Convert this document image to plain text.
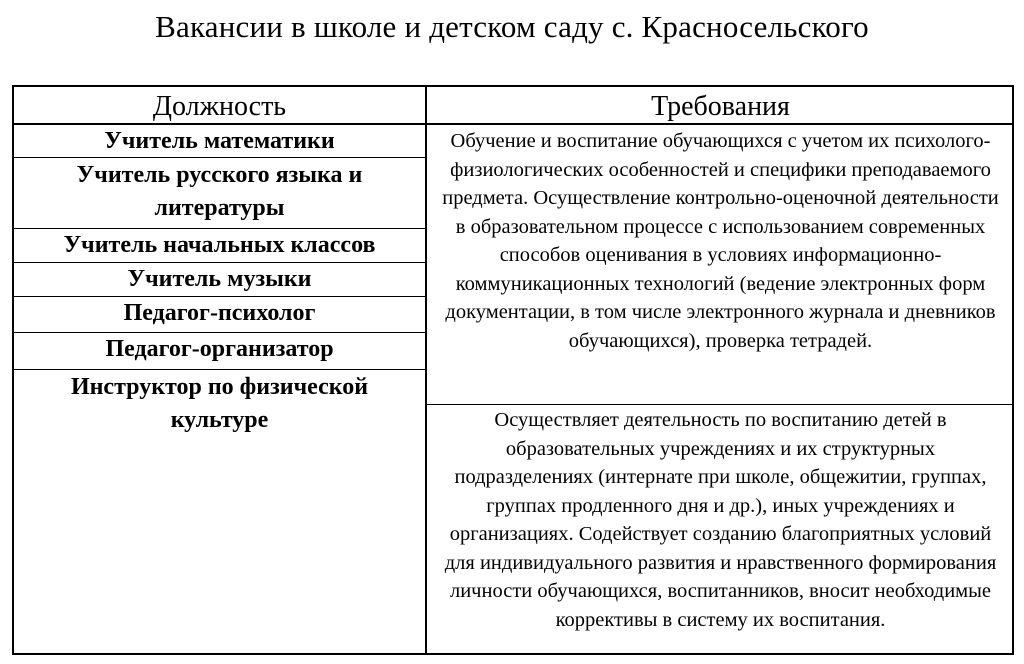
Вакансии в школе и детском саду с. Красносельского
Должность	Требования
Учитель математики
Учитель русского языка и литературы
Учитель начальных классов
Учитель музыки
Педагог-психолог
Педагог-организатор
Инструктор по физической культуре
Обучение и воспитание обучающихся с учетом их психолого-физиологических особенностей и специфики преподаваемого предмета. Осуществление контрольно-оценочной деятельности в образовательном процессе с использованием современных способов оценивания в условиях информационно-коммуникационных технологий (ведение электронных форм документации, в том числе электронного журнала и дневников обучающихся), проверка тетрадей.
Осуществляет деятельность по воспитанию детей в образовательных учреждениях и их структурных подразделениях (интернате при школе, общежитии, группах, группах продленного дня и др.), иных учреждениях и организациях. Содействует созданию благоприятных условий для индивидуального развития и нравственного формирования личности обучающихся, воспитанников, вносит необходимые коррективы в систему их воспитания.
